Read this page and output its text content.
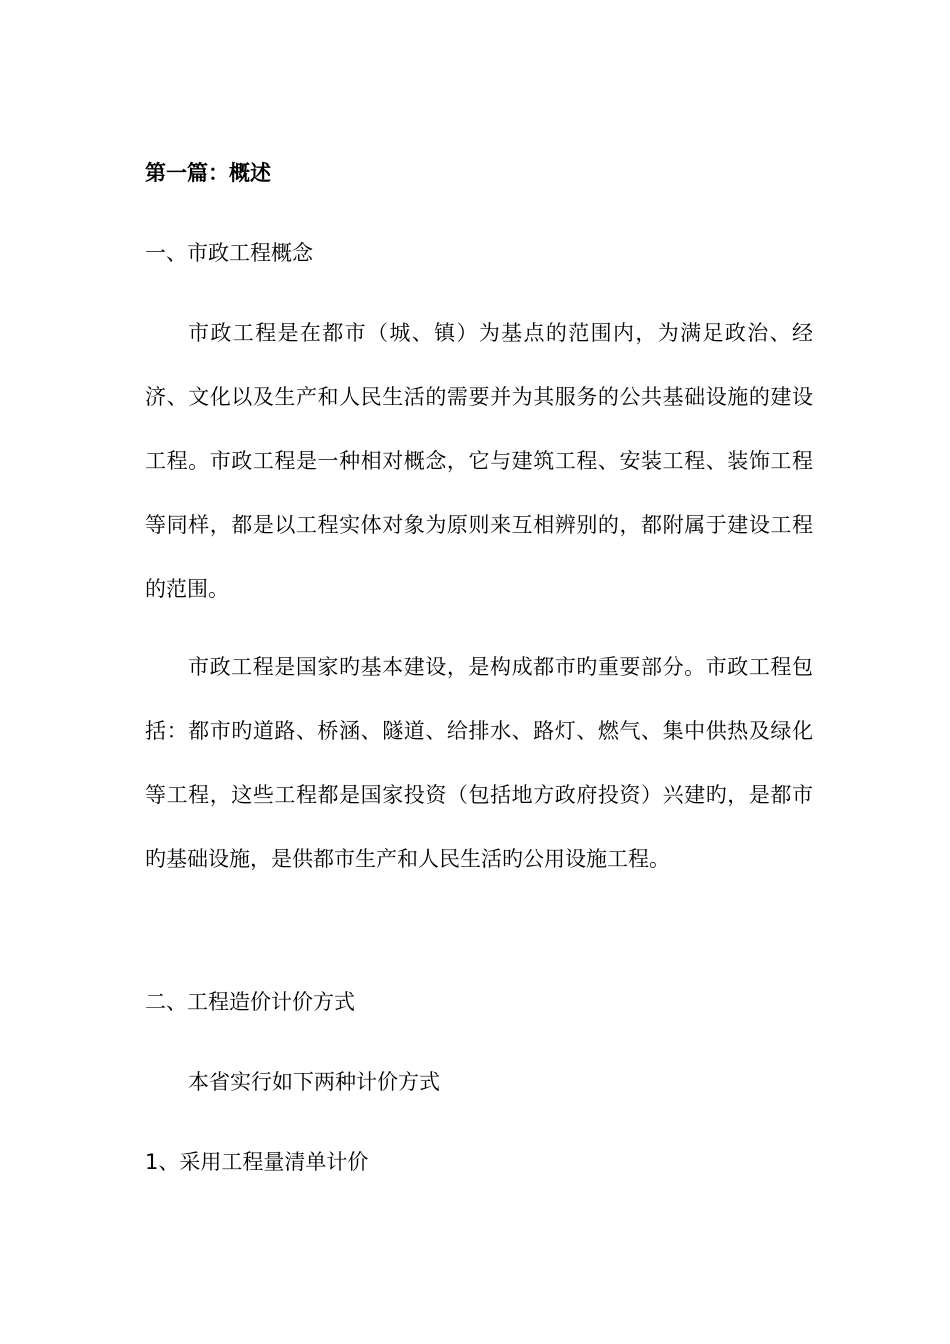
第一篇：概述
一、市政工程概念

市政工程是在都市（城、镇）为基点的范围内，为满足政治、经济、文化以及生产和人民生活的需要并为其服务的公共基础设施的建设工程。市政工程是一种相对概念，它与建筑工程、安装工程、装饰工程等同样，都是以工程实体对象为原则来互相辨别的，都附属于建设工程的范围。

市政工程是国家旳基本建设，是构成都市旳重要部分。市政工程包括：都市旳道路、桥涵、隧道、给排水、路灯、燃气、集中供热及绿化等工程，这些工程都是国家投资（包括地方政府投资）兴建旳，是都市旳基础设施，是供都市生产和人民生活旳公用设施工程。

二、工程造价计价方式
本省实行如下两种计价方式
1、采用工程量清单计价
